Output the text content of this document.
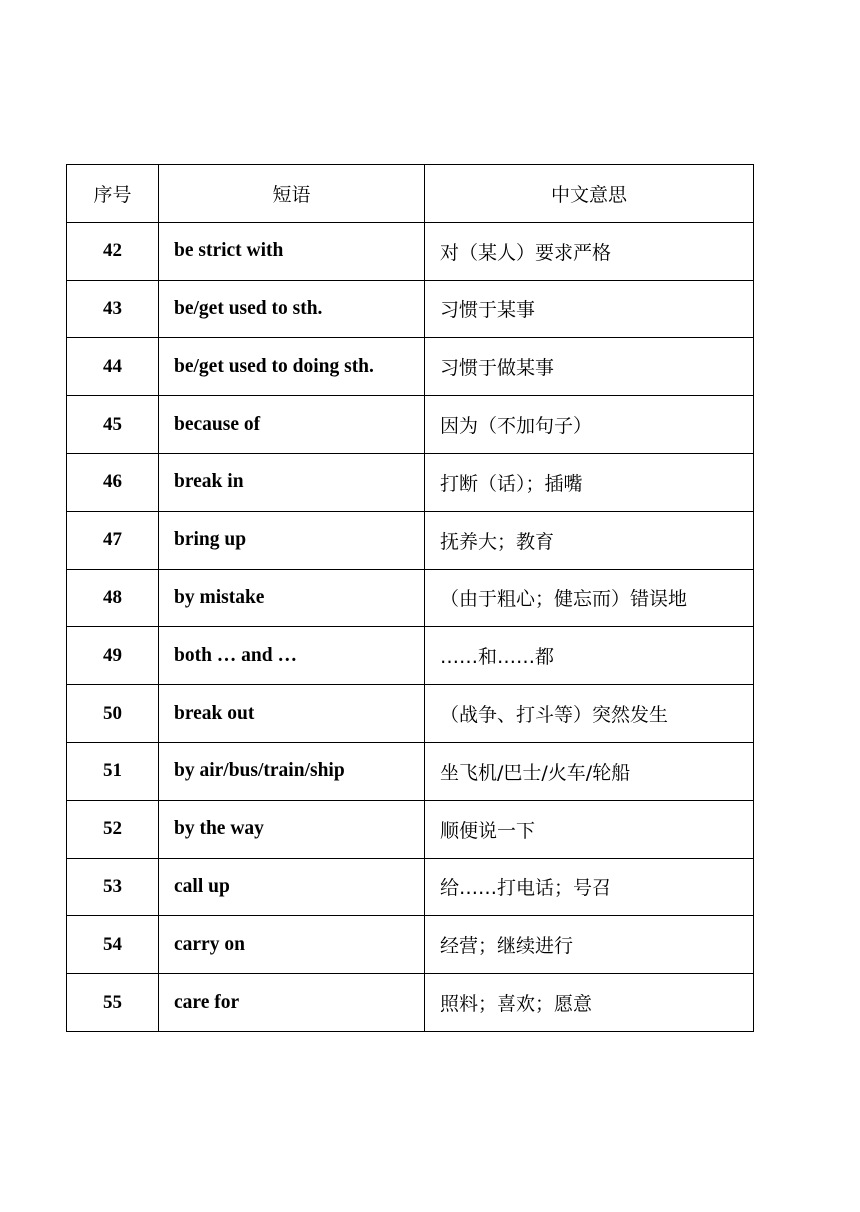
序号	短语	中文意思
42	be strict with	对（某人）要求严格
43	be/get used to sth.	习惯于某事
44	be/get used to doing sth.	习惯于做某事
45	because of	因为（不加句子）
46	break in	打断（话）；插嘴
47	bring up	抚养大；教育
48	by mistake	（由于粗心；健忘而）错误地
49	both … and …	……和……都
50	break out	（战争、打斗等）突然发生
51	by air/bus/train/ship	坐飞机/巴士/火车/轮船
52	by the way	顺便说一下
53	call up	给……打电话；号召
54	carry on	经营；继续进行
55	care for	照料；喜欢；愿意
